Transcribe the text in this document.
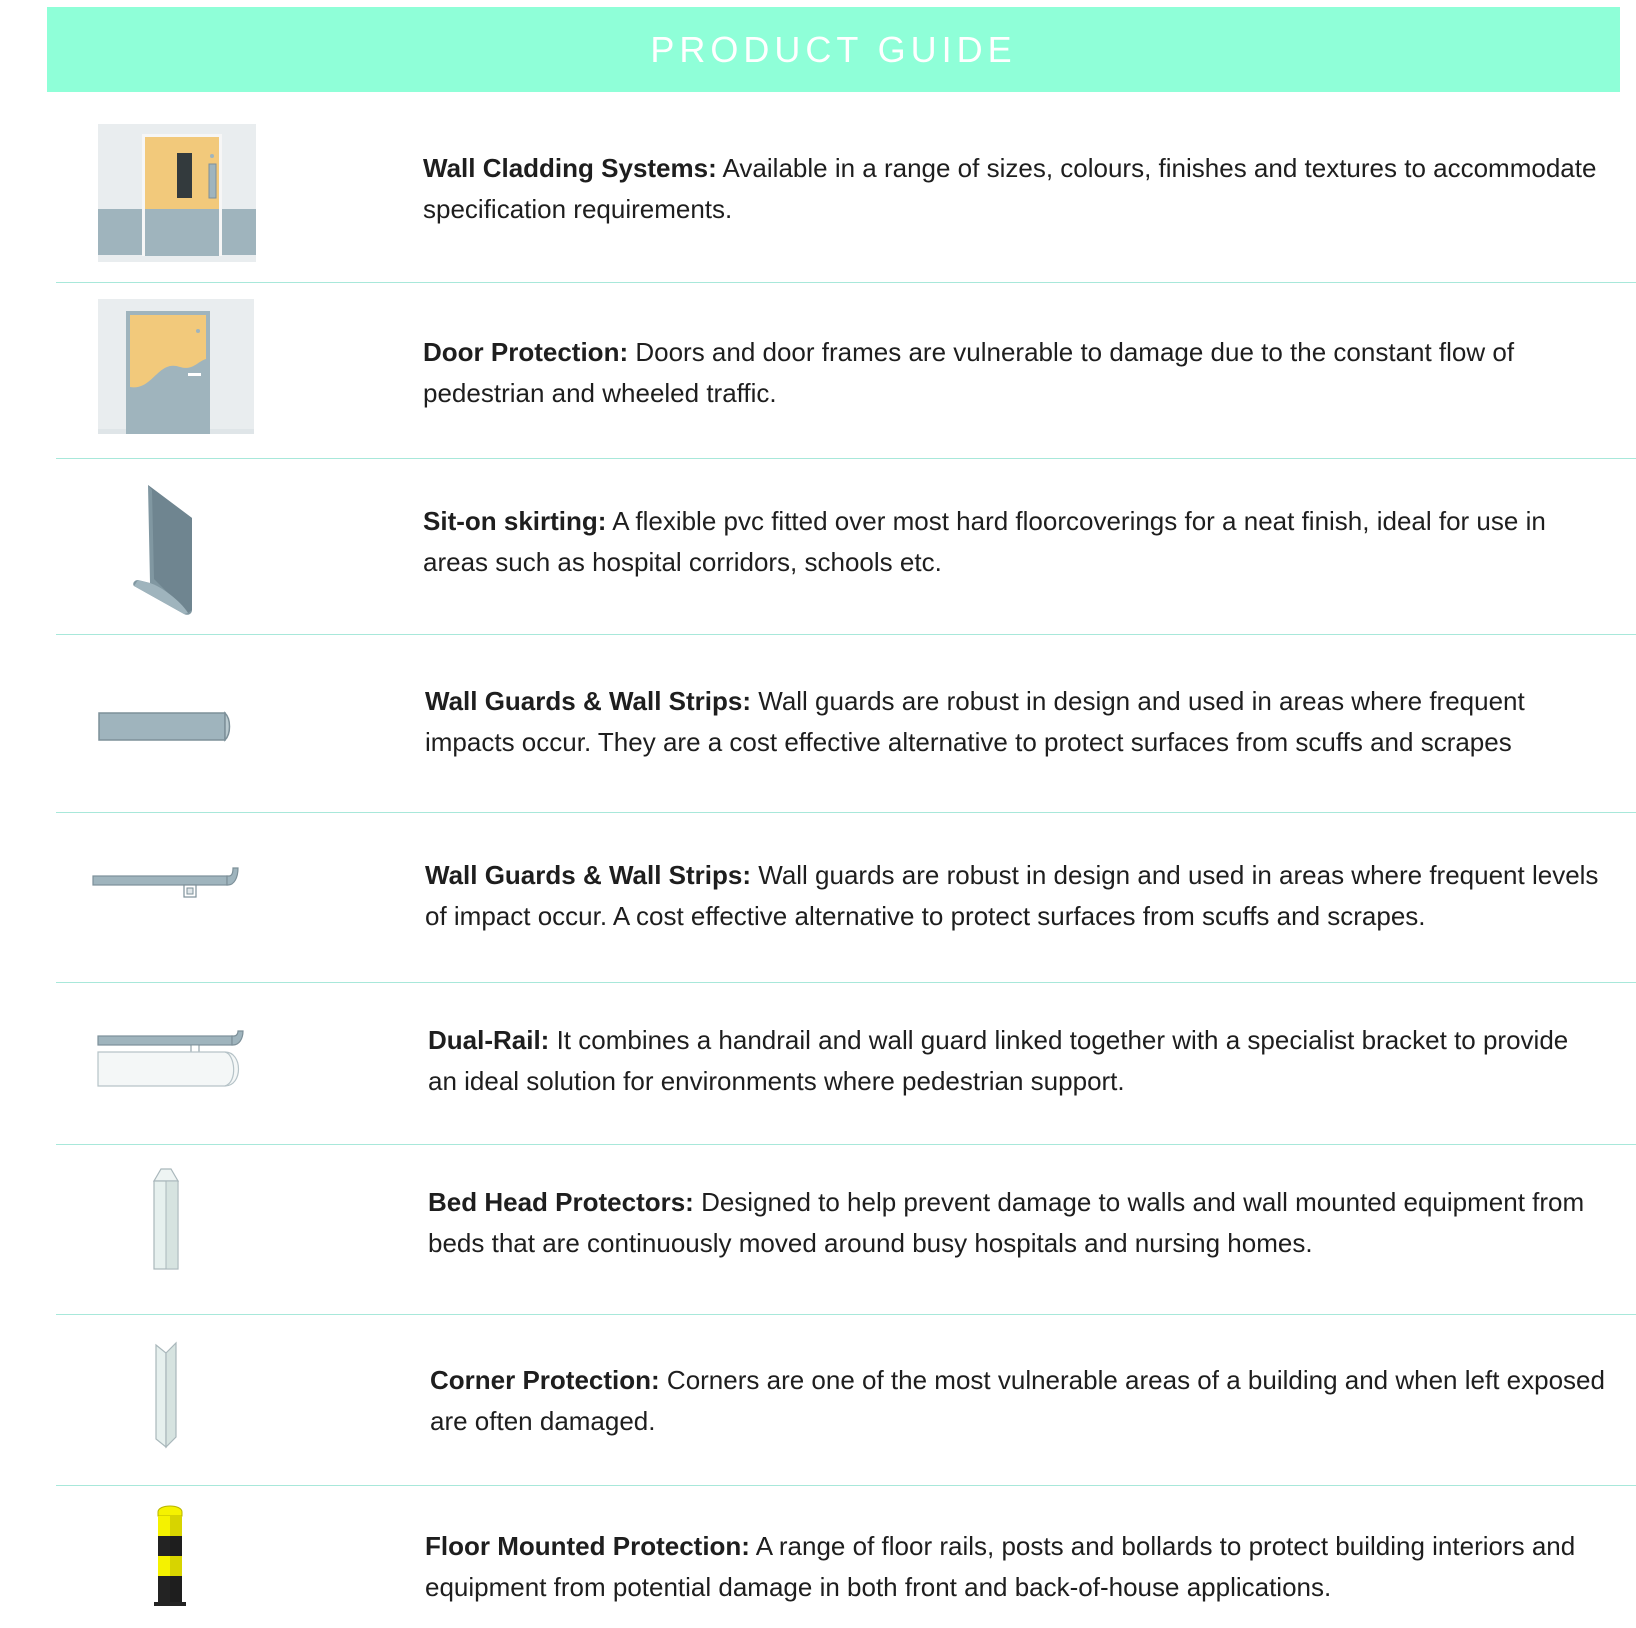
PRODUCT GUIDE
Wall Cladding Systems: Available in a range of sizes, colours, finishes and textures to accommodate specification requirements.
Door Protection: Doors and door frames are vulnerable to damage due to the constant flow of pedestrian and wheeled traffic.
Sit-on skirting: A flexible pvc fitted over most hard floorcoverings for a neat finish, ideal for use in areas such as hospital corridors, schools etc.
Wall Guards & Wall Strips: Wall guards are robust in design and used in areas where frequent impacts occur. They are a cost effective alternative to protect surfaces from scuffs and scrapes
Wall Guards & Wall Strips: Wall guards are robust in design and used in areas where frequent levels of impact occur. A cost effective alternative to protect surfaces from scuffs and scrapes.
Dual-Rail: It combines a handrail and wall guard linked together with a specialist bracket to provide an ideal solution for environments where pedestrian support.
Bed Head Protectors: Designed to help prevent damage to walls and wall mounted equipment from beds that are continuously moved around busy hospitals and nursing homes.
Corner Protection: Corners are one of the most vulnerable areas of a building and when left exposed are often damaged.
Floor Mounted Protection: A range of floor rails, posts and bollards to protect building interiors and equipment from potential damage in both front and back-of-house applications.
